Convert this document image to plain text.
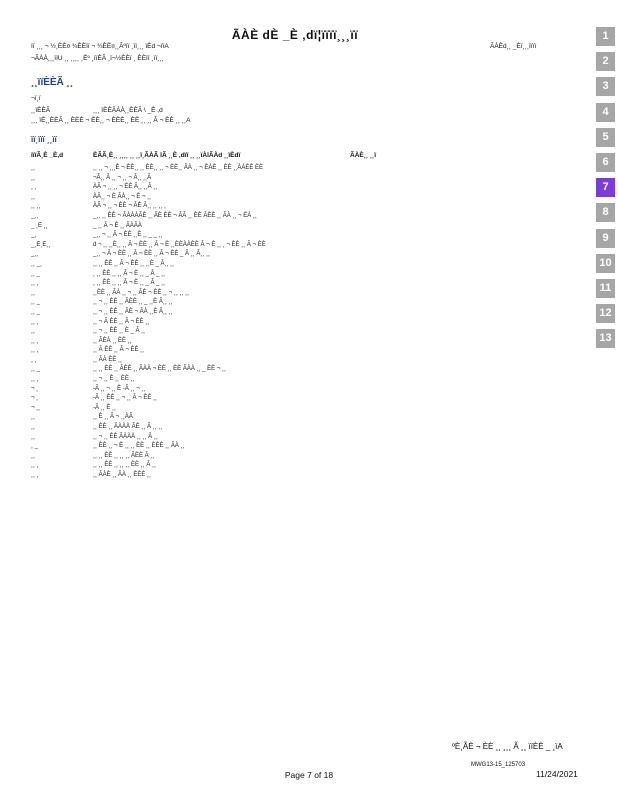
ÃÀÈ dÈ _È ‚dï¦ïïïï¸¸¸ïï
ïï ¸¸¸ ¬ ½¸ÈÈ¤ ¾ÈÈïï ¬ ¾ÈÈ¤¸¸Ãºïï ¸ïï¸¸¸ ïÈd ¬ïïA
¬ÃÀÀ¸¸¸ïïU ¸¸ ¸¸¸¸ ¸Èº ¸ïïÈÃ ¸ï¬½ÈÈï ¸ ÈÈïï ¸ïï¸¸¸
ÃÀÈd¸¸ _Èï¸¸¸ïïïï
¸¸ïïÈÈÃ ¸¸
¬ï¸ï
¸¸ïÈÈÃ	¸¸¸ ïÈÈÃÀÀ¸¸ÈÈÃ \ _È ,d
¸¸¸ ïÈ¸¸ÈÈÃ ¸¸ ÈÈÈ ¬ ÈÈ¸¸ ¬ ÈÈÈ¸¸ ÈÈ ¸¸ ¸¸ Ã ¬ ÈÈ ¸¸ ¸¸A
ïï¸ïïï ¸¸ïï
ïïïÃ¸È _È,d	ÈÃÃ¸È¸¸ ¸¸¸¸ ¸¸ ¸¸ï¸ÃÀÃ ïÃ ¸¸È ‚dïï ¸¸ ¸¸ïÀïÃÀd ¸¸ïÈdï	ÃÀÈ¸¸ ¸¸ï
¸¸	¸¸ ¸¸ ¬ ¸¸¸È ¬ ÈÈ¸¸ ¸¸ ÈÈ¸¸ ¸¸ ¬ ÈÈ¸¸ ÃÀ ¸¸ ¬ ÈÀÈ ¸¸ ÈÈ ¸¸ÀÀÈÈ ÈÈ
¸¸	¬Ã¸¸ Ã ¸¸ ¬ ¸¸ ¬ Ã¸¸ ¸¸Ã
¸ ¸	ÀÃ ¬ ¸¸ ¸¸ ¬ ÈÈ Ã¸¸ ¸¸Ã ¸¸
¸¸	ÀÃ¸¸ ¬ È ÃÀ¸¸ ¬ È ¬ ¸¸
¸¸ ¸¸	ÀÃ ¬ ¸¸ ¬ ÈÈ ¬ ÃÈ Ã¸¸ ¸¸ ¸¸ ¸
_¸¸	_¸¸ ¸¸ ÈÈ ¬ ÃÀÀÀÃÈ ¸¸ ÃÈ ÈÈ ¬ ÃÃ ¸¸ ÈÈ ÃÈÈ ¸¸ ÃÀ ¸¸ ¬ ÈÀ ¸¸
_ ¸È ¸¸	_ ¸¸ Ã ¬ È ¸¸ ÃÀÃÀ
_¸	_¸¸ ¬ ¸¸ Ã ¬ ÈÈ ¸¸È ¸¸ _ _ ¸¸
_¸È¸È¸¸	d ¬ ¸¸ ¸¸È¸¸ ¸¸ Ã ¬ ÈÈ ¸¸ Ã ¬ È ¸¸ÈÈÀÀÈÈ Ã ¬ È ¸¸ ¸ ¬ ÈÈ ¸¸ Ã ¬ ÈÈ
_¸¸	_¸¸ ¬ Ã ¬ ÈÈ ¸¸ Ã ¬ ÈÈ ¸¸ Ã ¬ ÈÈ _ Ã ¸¸ Ã¸¸ ¸¸
¸¸ _¸	¸¸ ¸¸ ÈÈ ¸¸ Ã ¬ ÈÈ ¸¸ ¸¸È _ Ã¸¸ ¸¸
¸¸ _	¸ ¸¸ ÈÈ ¸¸ ¸¸ Ã ¬ È ¸¸ _ Ã _ ¸¸
¸¸ ¸	¸ ¸¸ ÈÈ ¸¸ ¸¸ Ã ¬ È ¸¸ _ Ã _ ¸¸
¸¸	¸¸ÈÈ ¸¸ ÃÀ ¸¸ ¬ ¸¸ ÃÈ ¬ ÈÈ ¸¸ ¬ ¸¸ ¸¸ ¸¸
¸¸ _	¸¸ ¬ ¸¸ ÈÈ ¸¸ ÃÈÈ ¸¸ _ ¸¸È Ã¸¸ ¸¸
¸¸ _	¸¸ ¬ ¸¸ ÈÈ ¸¸ ÃÈ ¬ ÃÀ ¸¸È Ã¸¸ ¸¸
¸¸ ¸	¸¸ ¬ Ã ÈÈ ¸¸ Ã ¬ ÈÈ ¸¸
¸¸	¸¸ ¬ ¸¸ ÈÈ ¸¸ È _ Ã ¸¸
¸¸ ¸	¸¸ ÃÈÀ ¸¸ ÈÈ ¸¸
¸¸ ¸	¸¸ Ã ÈÈ ¸¸ Ã ¬ ÈÈ ¸¸
¸ ¸	¸¸ ÃÀ ÈÈ ¸¸
¸¸ _	¸¸ ¸¸ ÈÈ ¸¸ ÃÈÈ ¸¸ ÃÀÀ ¬ ÈÈ ¸¸ ÈÈ ÃÀÀ ¸¸ _ ÈÈ ¬ ¸¸
¸¸ ¸	¸¸ ¬ ¸¸ È ¸¸ ÈÈ ¸¸
¬ ¸	-Ã ¸¸ ¬ ¸¸ È -Ã ¸¸ ¬ ¸¸
¬ ¸	-Ã ¸¸ ÈÈ ¸¸ ¬ ¸¸ Ã ¬ ÈÈ ¸¸
¬ ¸¸	-Ã ¸¸ È ¸¸
¸¸	¸¸ È ¸¸ Ã ¬ ¸¸ÀÃ
¸¸	¸¸ ÈÈ ¸¸ ÃÀÀÀ ÃÈ ¸¸ Ã ¸¸ ¸¸
¸¸	¸¸ ¬ ¸¸ ÈÈ ÃÀÀÀ ¸¸ ¸¸ Ã ¸¸
¸ _	¸¸ ÈÈ ¸¸ ¬ È ¸¸ ¸¸ ÈÈ ¸¸ ÈÈÈ ¸¸ ÃÀ ¸¸
¸¸	¸¸ ¸¸ ÈÈ ¸¸ ¸¸ ¸¸ ÃÈÈ Ã ¸¸
¸¸ ¸	¸¸ ¸¸ ÈÈ ¸¸ ¸¸ ¸¸ ÈÈ ¸¸ Ã ¸¸
¸¸ ¸	¸¸ ÃÀÈ ¸¸ ÃÀ ¸¸ ÈÈÈ ¸¸
ºÈ¸ÃÈ ¬ ÈÈ ¸¸ ¸¸¸ Ã ¸¸ ïïÈÈ _ ¸ïA
MWG13-15_125703
Page 7 of 18	11/24/2021
1
2
3
4
5
6
7
8
9
10
11
12
13
